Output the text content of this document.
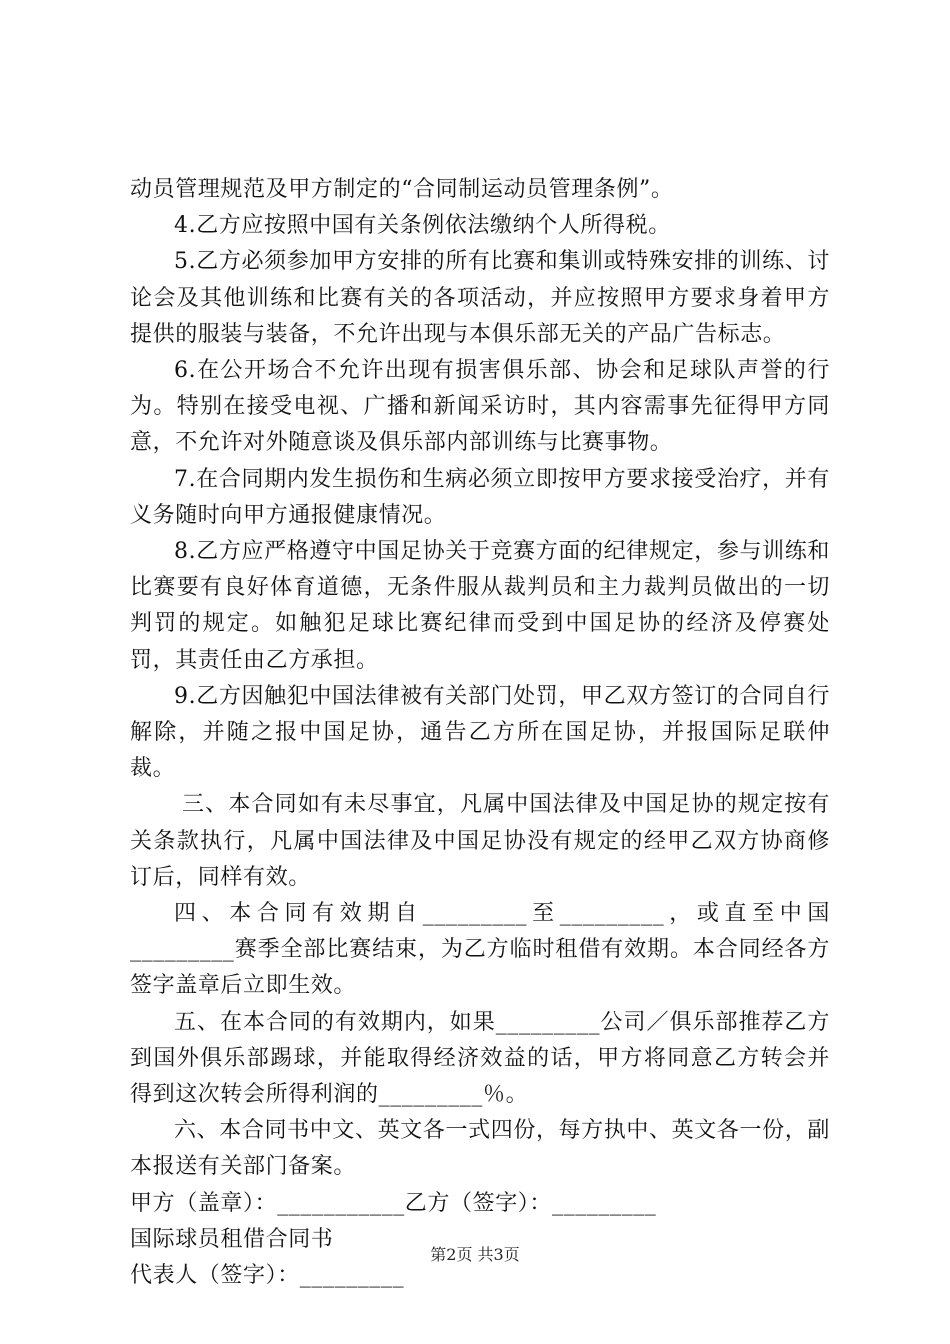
动员管理规范及甲方制定的“合同制运动员管理条例”。

4.乙方应按照中国有关条例依法缴纳个人所得税。

5.乙方必须参加甲方安排的所有比赛和集训或特殊安排的训练、讨论会及其他训练和比赛有关的各项活动，并应按照甲方要求身着甲方提供的服装与装备，不允许出现与本俱乐部无关的产品广告标志。

6.在公开场合不允许出现有损害俱乐部、协会和足球队声誉的行为。特别在接受电视、广播和新闻采访时，其内容需事先征得甲方同意，不允许对外随意谈及俱乐部内部训练与比赛事物。

7.在合同期内发生损伤和生病必须立即按甲方要求接受治疗，并有义务随时向甲方通报健康情况。

8.乙方应严格遵守中国足协关于竞赛方面的纪律规定，参与训练和比赛要有良好体育道德，无条件服从裁判员和主力裁判员做出的一切判罚的规定。如触犯足球比赛纪律而受到中国足协的经济及停赛处罚，其责任由乙方承担。

9.乙方因触犯中国法律被有关部门处罚，甲乙双方签订的合同自行解除，并随之报中国足协，通告乙方所在国足协，并报国际足联仲裁。

三、本合同如有未尽事宜，凡属中国法律及中国足协的规定按有关条款执行，凡属中国法律及中国足协没有规定的经甲乙双方协商修订后，同样有效。

四、本合同有效期自_________至_________，或直至中国_________赛季全部比赛结束，为乙方临时租借有效期。本合同经各方签字盖章后立即生效。

五、在本合同的有效期内，如果_________公司／俱乐部推荐乙方到国外俱乐部踢球，并能取得经济效益的话，甲方将同意乙方转会并得到这次转会所得利润的_________％。

六、本合同书中文、英文各一式四份，每方执中、英文各一份，副本报送有关部门备案。

甲方（盖章）：___________乙方（签字）：_________

国际球员租借合同书

代表人（签字）：_________

第2页 共3页
